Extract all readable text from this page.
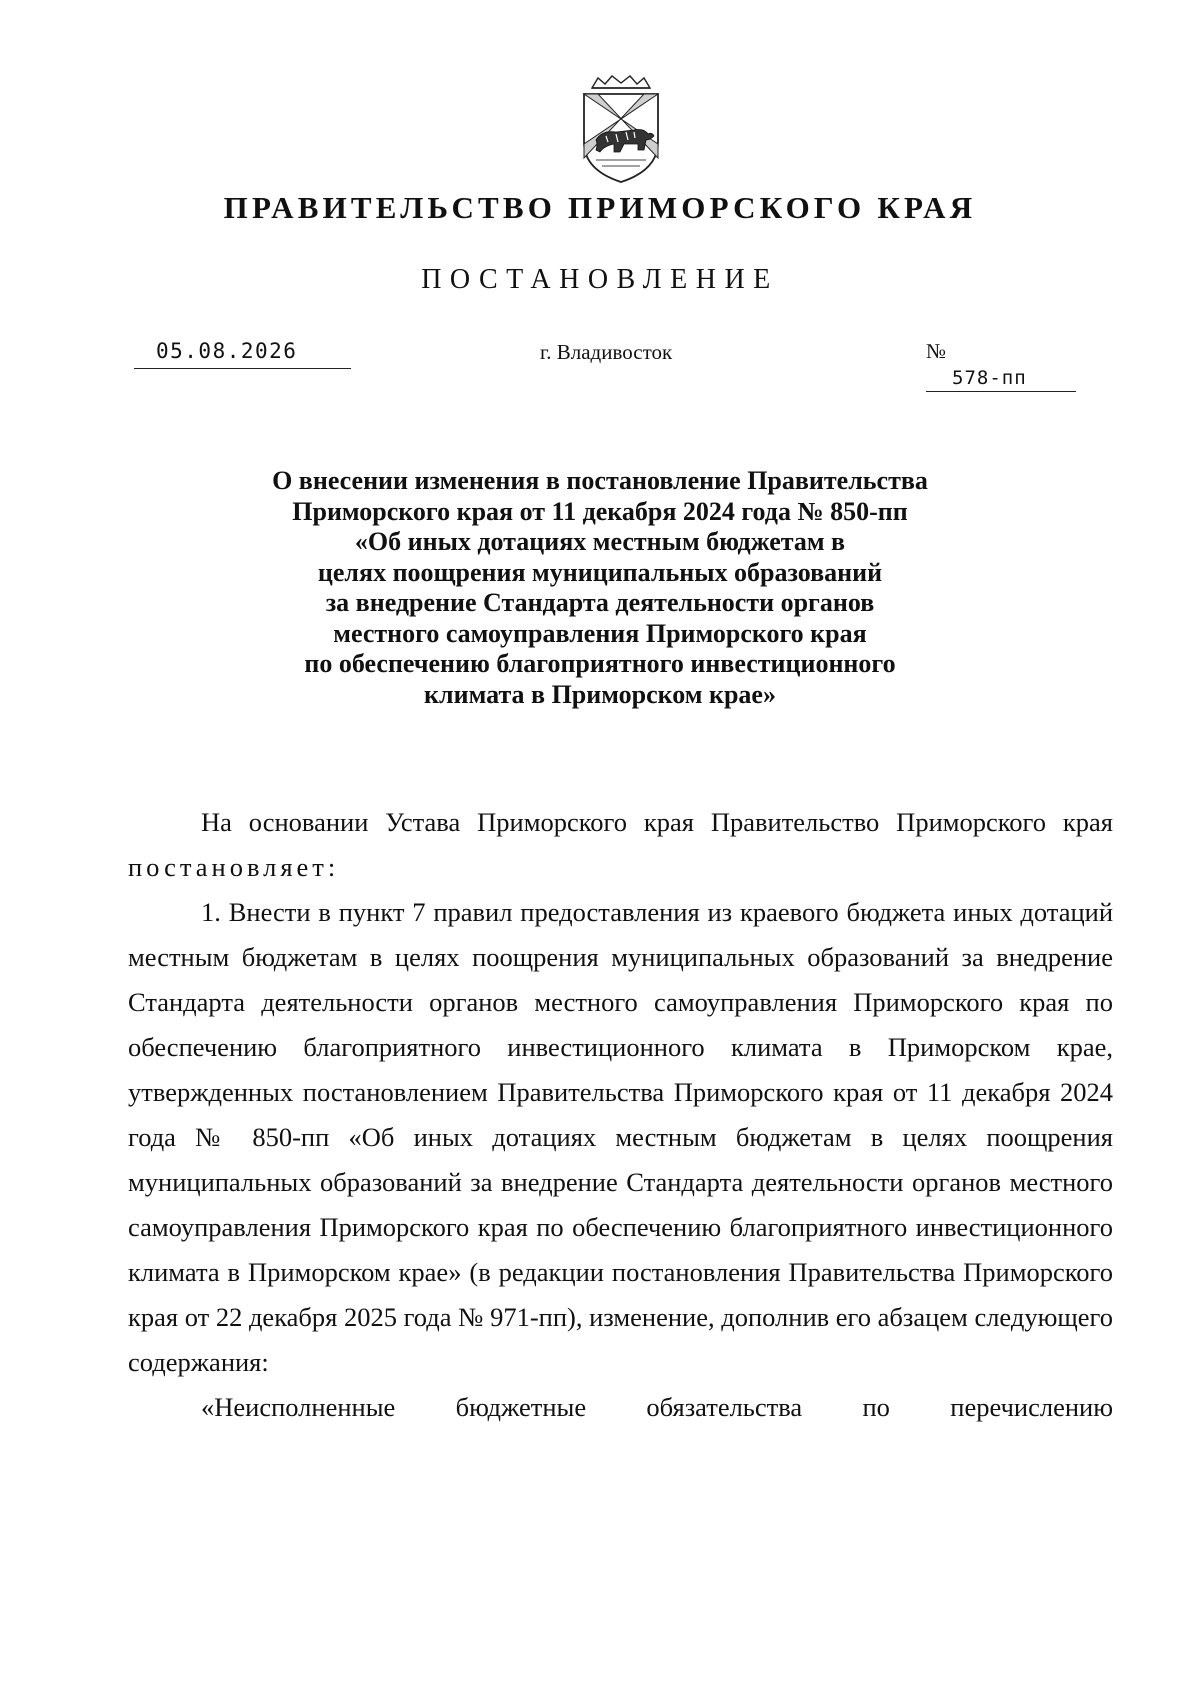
ПРАВИТЕЛЬСТВО ПРИМОРСКОГО КРАЯ
ПОСТАНОВЛЕНИЕ
05.08.2026	г. Владивосток	№ 578-пп
О внесении изменения в постановление Правительства
Приморского края от 11 декабря 2024 года № 850-пп
«Об иных дотациях местным бюджетам в
целях поощрения муниципальных образований
за внедрение Стандарта деятельности органов
местного самоуправления Приморского края
по обеспечению благоприятного инвестиционного
климата в Приморском крае»

На основании Устава Приморского края Правительство Приморского края постановляет:

1. Внести в пункт 7 правил предоставления из краевого бюджета иных дотаций местным бюджетам в целях поощрения муниципальных образований за внедрение Стандарта деятельности органов местного самоуправления Приморского края по обеспечению благоприятного инвестиционного климата в Приморском крае, утвержденных постановлением Правительства Приморского края от 11 декабря 2024 года № 850-пп «Об иных дотациях местным бюджетам в целях поощрения муниципальных образований за внедрение Стандарта деятельности органов местного самоуправления Приморского края по обеспечению благоприятного инвестиционного климата в Приморском крае» (в редакции постановления Правительства Приморского края от 22 декабря 2025 года № 971-пп), изменение, дополнив его абзацем следующего содержания:

«Неисполненные бюджетные обязательства по перечислению
